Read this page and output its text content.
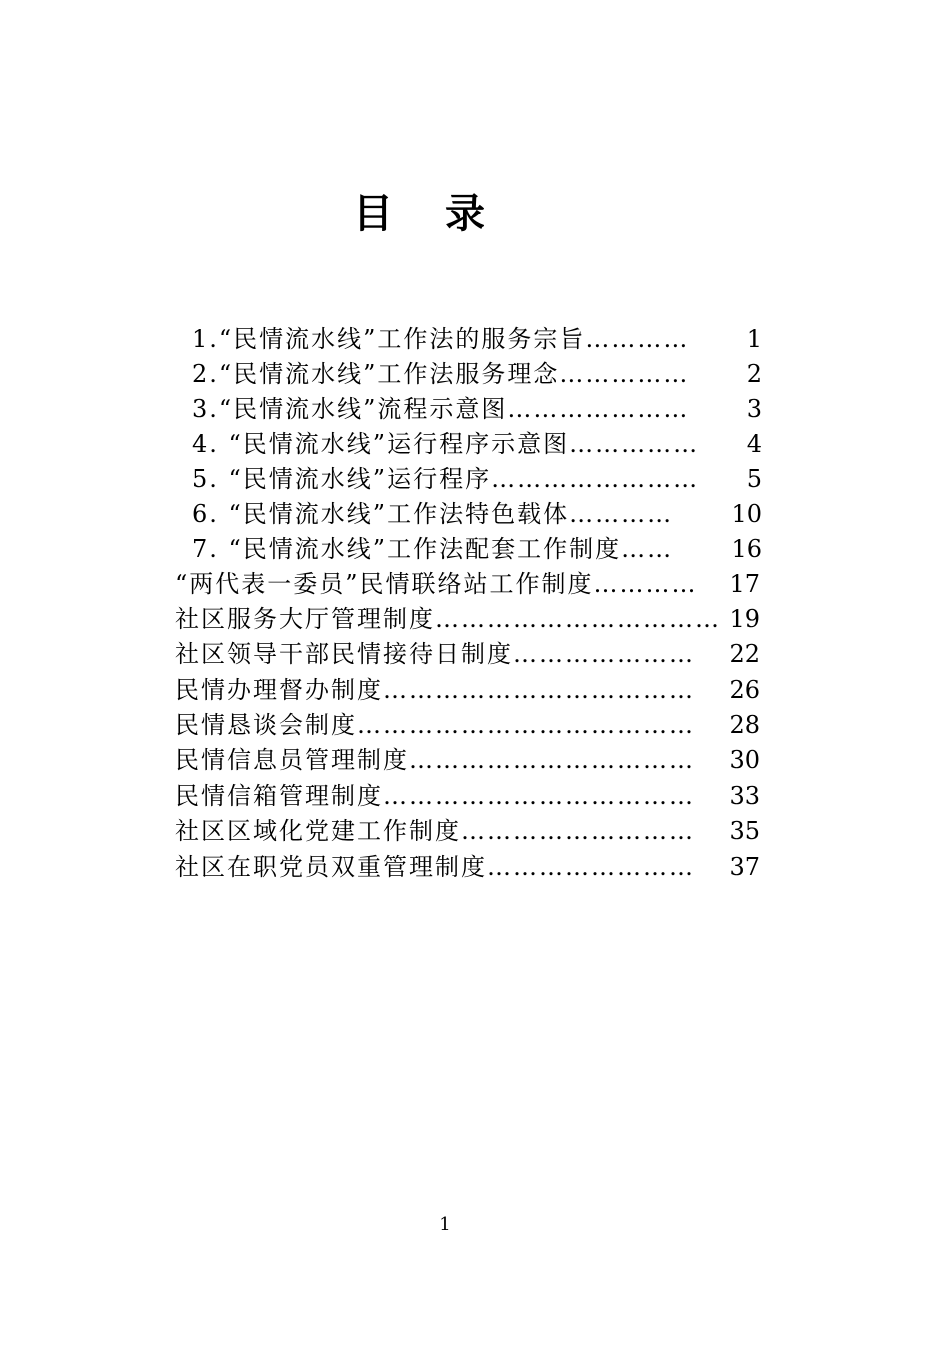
目录
1.“民情流水线”工作法的服务宗旨………… 1
2.“民情流水线”工作法服务理念…………… 2
3.“民情流水线”流程示意图………………… 3
4. “民情流水线”运行程序示意图…………… 4
5. “民情流水线”运行程序…………………… 5
6. “民情流水线”工作法特色载体………… 10
7. “民情流水线”工作法配套工作制度…… 16
“两代表一委员”民情联络站工作制度………… 17
社区服务大厅管理制度…………………………… 19
社区领导干部民情接待日制度………………… 22
民情办理督办制度……………………………… 26
民情恳谈会制度………………………………… 28
民情信息员管理制度…………………………… 30
民情信箱管理制度……………………………… 33
社区区域化党建工作制度……………………… 35
社区在职党员双重管理制度…………………… 37
1
